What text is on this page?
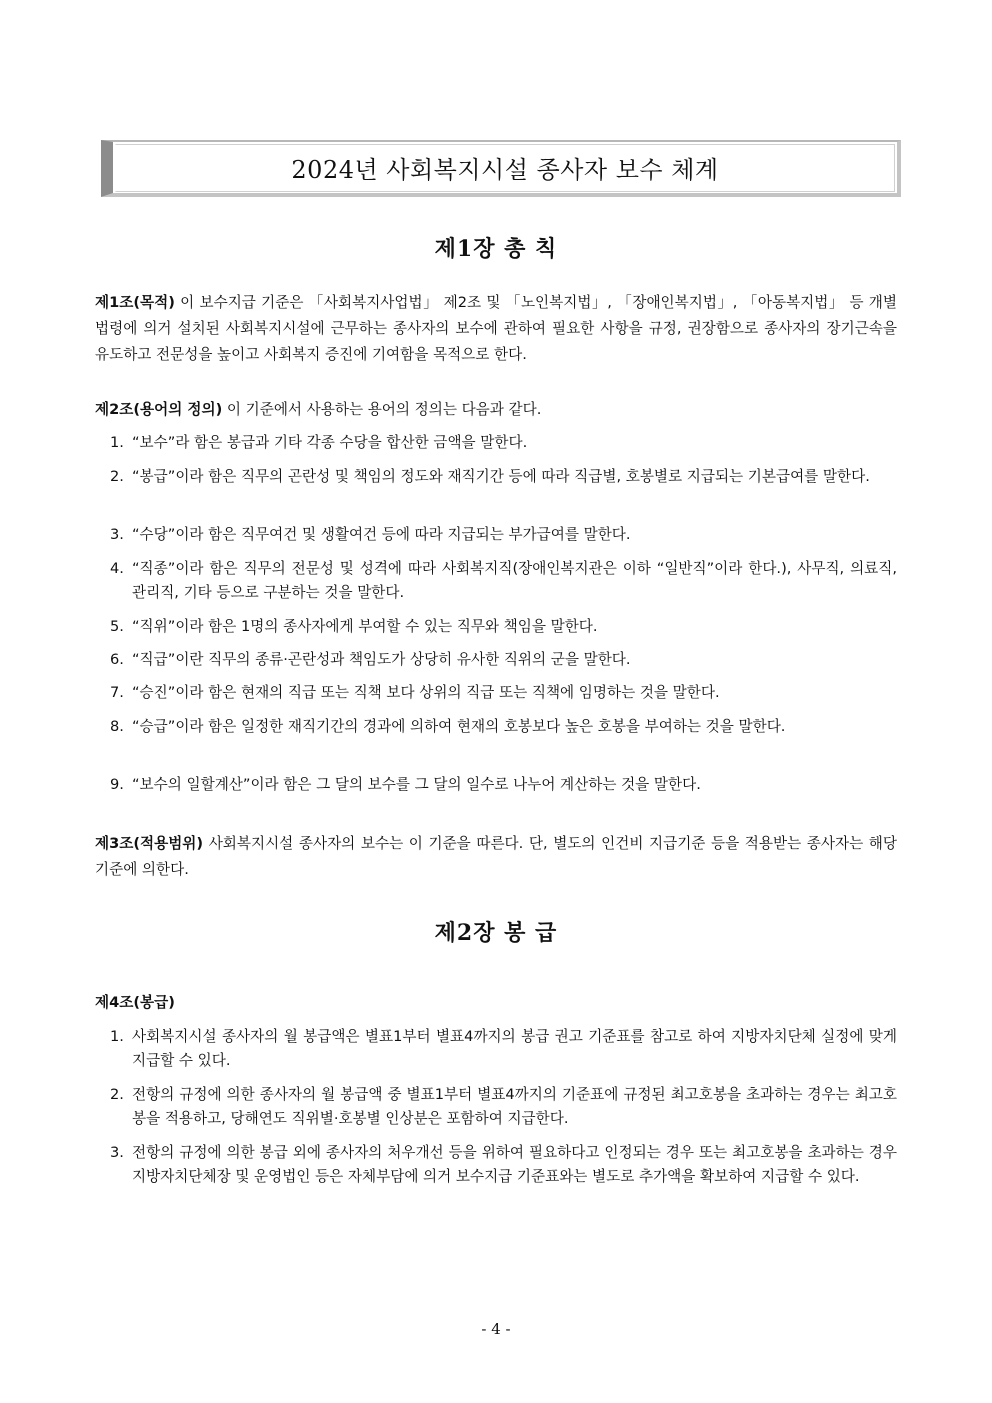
2024년 사회복지시설 종사자 보수 체계
제1장 총 칙
제1조(목적) 이 보수지급 기준은 「사회복지사업법」 제2조 및 「노인복지법」, 「장애인복지법」, 「아동복지법」 등 개별 법령에 의거 설치된 사회복지시설에 근무하는 종사자의 보수에 관하여 필요한 사항을 규정, 권장함으로 종사자의 장기근속을 유도하고 전문성을 높이고 사회복지 증진에 기여함을 목적으로 한다.
제2조(용어의 정의) 이 기준에서 사용하는 용어의 정의는 다음과 같다.
1. “보수”라 함은 봉급과 기타 각종 수당을 합산한 금액을 말한다.
2. “봉급”이라 함은 직무의 곤란성 및 책임의 정도와 재직기간 등에 따라 직급별, 호봉별로 지급되는 기본급여를 말한다.
3. “수당”이라 함은 직무여건 및 생활여건 등에 따라 지급되는 부가급여를 말한다.
4. “직종”이라 함은 직무의 전문성 및 성격에 따라 사회복지직(장애인복지관은 이하 “일반직”이라 한다.), 사무직, 의료직, 관리직, 기타 등으로 구분하는 것을 말한다.
5. “직위”이라 함은 1명의 종사자에게 부여할 수 있는 직무와 책임을 말한다.
6. “직급”이란 직무의 종류·곤란성과 책임도가 상당히 유사한 직위의 군을 말한다.
7. “승진”이라 함은 현재의 직급 또는 직책 보다 상위의 직급 또는 직책에 임명하는 것을 말한다.
8. “승급”이라 함은 일정한 재직기간의 경과에 의하여 현재의 호봉보다 높은 호봉을 부여하는 것을 말한다.
9. “보수의 일할계산”이라 함은 그 달의 보수를 그 달의 일수로 나누어 계산하는 것을 말한다.
제3조(적용범위) 사회복지시설 종사자의 보수는 이 기준을 따른다. 단, 별도의 인건비 지급기준 등을 적용받는 종사자는 해당 기준에 의한다.
제2장 봉 급
제4조(봉급)
1. 사회복지시설 종사자의 월 봉급액은 별표1부터 별표4까지의 봉급 권고 기준표를 참고로 하여 지방자치단체 실정에 맞게 지급할 수 있다.
2. 전항의 규정에 의한 종사자의 월 봉급액 중 별표1부터 별표4까지의 기준표에 규정된 최고호봉을 초과하는 경우는 최고호봉을 적용하고, 당해연도 직위별·호봉별 인상분은 포함하여 지급한다.
3. 전항의 규정에 의한 봉급 외에 종사자의 처우개선 등을 위하여 필요하다고 인정되는 경우 또는 최고호봉을 초과하는 경우 지방자치단체장 및 운영법인 등은 자체부담에 의거 보수지급 기준표와는 별도로 추가액을 확보하여 지급할 수 있다.
- 4 -
